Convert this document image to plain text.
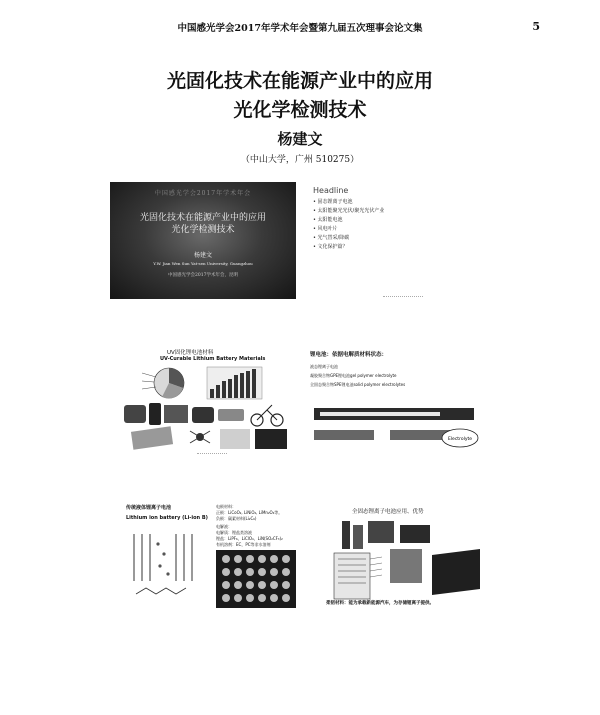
中国感光学会2017年学术年会暨第九届五次理事会论文集	5
光固化技术在能源产业中的应用
光化学检测技术
杨建文
（中山大学，广州 510275）
中国感光学会2017年学术年会
光固化技术在能源产业中的应用
光化学检测技术
杨建文
Y.W. Jian Wen Sun Yat-sen University, Guangzhou
中国感光学会2017学术年会，昆明
Headline
• 固态锂离子电池
• 太阳能聚光光伏/聚光光伏产业
• 太阳能电池
• 风电叶片
• 光气替采/降碳
• 文化保护篇？
UV固化锂电池材料
UV-Curable Lithium Battery Materials
锂电池：依据电解质材料状态：
液态锂离子电池
凝胶聚合物GPE锂电池gel polymer electrolyte
全固态聚合物SPE锂电池solid polymer electrolytes
Electrolyte
传统液体锂离子电池
Lithium ion battery (Li-ion B)
电极材料：
正极：LiCoO₂, LiNiO₂, LiMn₂O₄等。
负极：碳素材料(Li₂C₆)
电解液：
电解质：锂盐类溶液
锂盐：LiPF₆、LiClO₄、LiN(SO₂CF₃)₂
有机溶剂：EC，PC等非水溶剂
全固态锂离子电池应用、优势
柔韧材料：能为承载新能源汽车，为存储锂离子提供。
